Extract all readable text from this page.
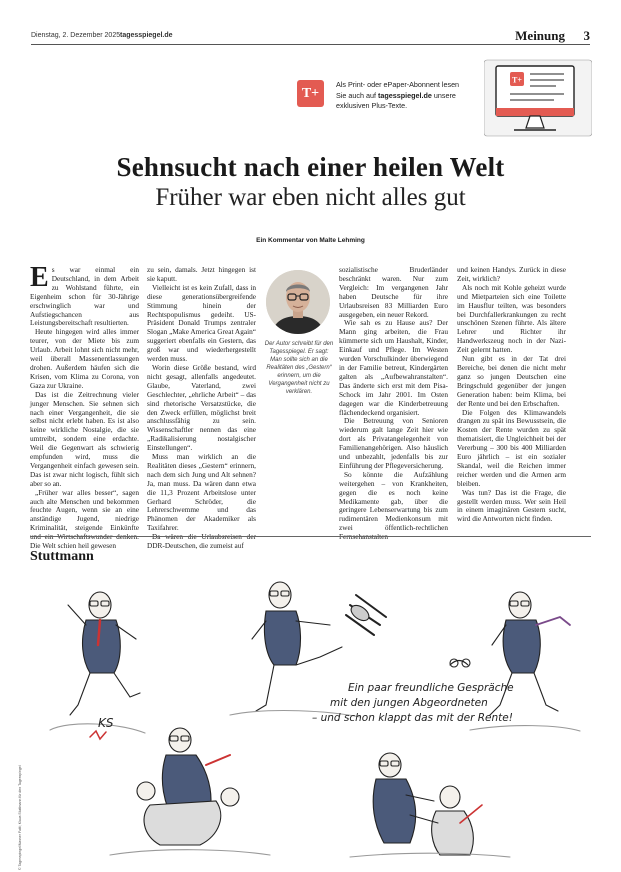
Dienstag, 2. Dezember 2025 tagesspiegel.de	Meinung 3
T+
Als Print- oder ePaper-Abonnent lesen
Sie auch auf tagesspiegel.de unsere
exklusiven Plus-Texte.
T+
Sehnsucht nach einer heilen Welt
Früher war eben nicht alles gut
Ein Kommentar von Malte Lehming

Es war einmal ein Deutschland, in dem Arbeit zu Wohlstand führte, ein Eigenheim schon für 30-Jährige erschwinglich war und Aufstiegschancen aus Leistungsbereitschaft resultierten.

Heute hingegen wird alles immer teurer, von der Miete bis zum Urlaub. Arbeit lohnt sich nicht mehr, weil überall Massenentlassungen drohen. Außerdem häufen sich die Krisen, vom Klima zu Corona, von Gaza zur Ukraine.

Das ist die Zeitrechnung vieler junger Menschen. Sie sehnen sich nach einer Vergangenheit, die sie selbst nicht erlebt haben. Es ist also keine wirkliche Nostalgie, die sie umtreibt, sondern eine erdachte. Weil die Gegenwart als schwierig empfunden wird, muss die Vergangenheit einfach gewesen sein. Das ist zwar nicht logisch, fühlt sich aber so an.

„Früher war alles besser“, sagen auch alte Menschen und bekommen feuchte Augen, wenn sie an eine anständige Jugend, niedrige Kriminalität, steigende Einkünfte Die Welt schien heil gewesen

zu sein, damals. Jetzt hingegen ist sie kaputt.

Vielleicht ist es kein Zufall, dass in diese generationsübergreifende Stimmung hinein der Rechtspopulismus gedeiht. US-Präsident Donald Trumps zentraler Slogan „Make America Great Again“ suggeriert ebenfalls ein Gestern, das groß war und wiederhergestellt werden muss.

Worin diese Größe bestand, wird nicht gesagt, allenfalls angedeutet. Glaube, Vaterland, zwei Geschlechter, „ehrliche Arbeit“ – das sind rhetorische Versatzstücke, die den Zweck erfüllen, möglichst breit anschlussfähig zu sein. Wissenschaftler nennen das eine „Radikalisierung nostalgischer Einstellungen“.

Muss man wirklich an die Realitäten dieses „Gestern“ erinnern, nach dem sich Jung und Alt sehnen? Ja, man muss. Da wären dann etwa die 11,3 Prozent Arbeitslose unter Gerhard Schröder, die Lehrerschwemme und das Phänomen der Akademiker als Taxifahrer.

DDR-Deutschen, die zumeist auf

Der Autor schreibt für den Tagesspiegel. Er sagt: Man sollte sich an die Realitäten des „Gestern“ erinnern, um die Vergangenheit nicht zu verklären.

sozialistische Bruderländer beschränkt waren. Nur zum Vergleich: Im vergangenen Jahr haben Deutsche für ihre Urlaubsreisen 83 Milliarden Euro ausgegeben, ein neuer Rekord.

Wie sah es zu Hause aus? Der Mann ging arbeiten, die Frau kümmerte sich um Haushalt, Kinder, Einkauf und Pflege. Im Westen wurden Vorschulkinder überwiegend in der Familie betreut, Kindergärten galten als „Aufbewahranstalten“. Das änderte sich erst mit dem Pisa-Schock im Jahr 2001. Im Osten dagegen war die Kinderbetreuung flächendeckend organisiert.

Die Betreuung von Senioren wiederum galt lange Zeit hier wie dort als Privatangelegenheit von Familienangehörigen. Also häuslich und unbezahlt, jedenfalls bis zur Einführung der Pflegeversicherung.

So könnte die Aufzählung weitergehen – von Krankheiten, gegen die es noch keine Medikamente gab, über die geringere Lebenserwartung bis zum rudimentären Medienkonsum mit zwei öffentlich-rechtlichen

und keinen Handys. Zurück in diese Zeit, wirklich?

Als noch mit Kohle geheizt wurde und Mietparteien sich eine Toilette im Hausflur teilten, was besonders bei Durchfallerkrankungen zu recht unschönen Szenen führte. Als ältere Lehrer und Richter ihr Handwerkszeug noch in der Nazi-Zeit gelernt hatten.

Nun gibt es in der Tat drei Bereiche, bei denen die nicht mehr ganz so jungen Deutschen eine Bringschuld gegenüber der jungen Generation haben: beim Klima, bei der Rente und bei den Erbschaften.

Die Folgen des Klimawandels drangen zu spät ins Bewusstsein, die Kosten der Rente wurden zu spät thematisiert, die Ungleichheit bei der Vererbung – 300 bis 400 Milliarden Euro jährlich – ist ein sozialer Skandal, weil die Reichen immer reicher werden und die Armen arm bleiben.

Was tun? Das ist die Frage, die gestellt werden muss. Wer sein Heil in einem imaginären Gestern sucht, wird die Antworten nicht finden.

Stuttmann
Ein paar freundliche Gespräche
mit den jungen Abgeordneten
– und schon klappt das mit der Rente!
KS
© Tagesspiegel/Nasser Fatti; Klaus Stuttmann für den Tagesspiegel
